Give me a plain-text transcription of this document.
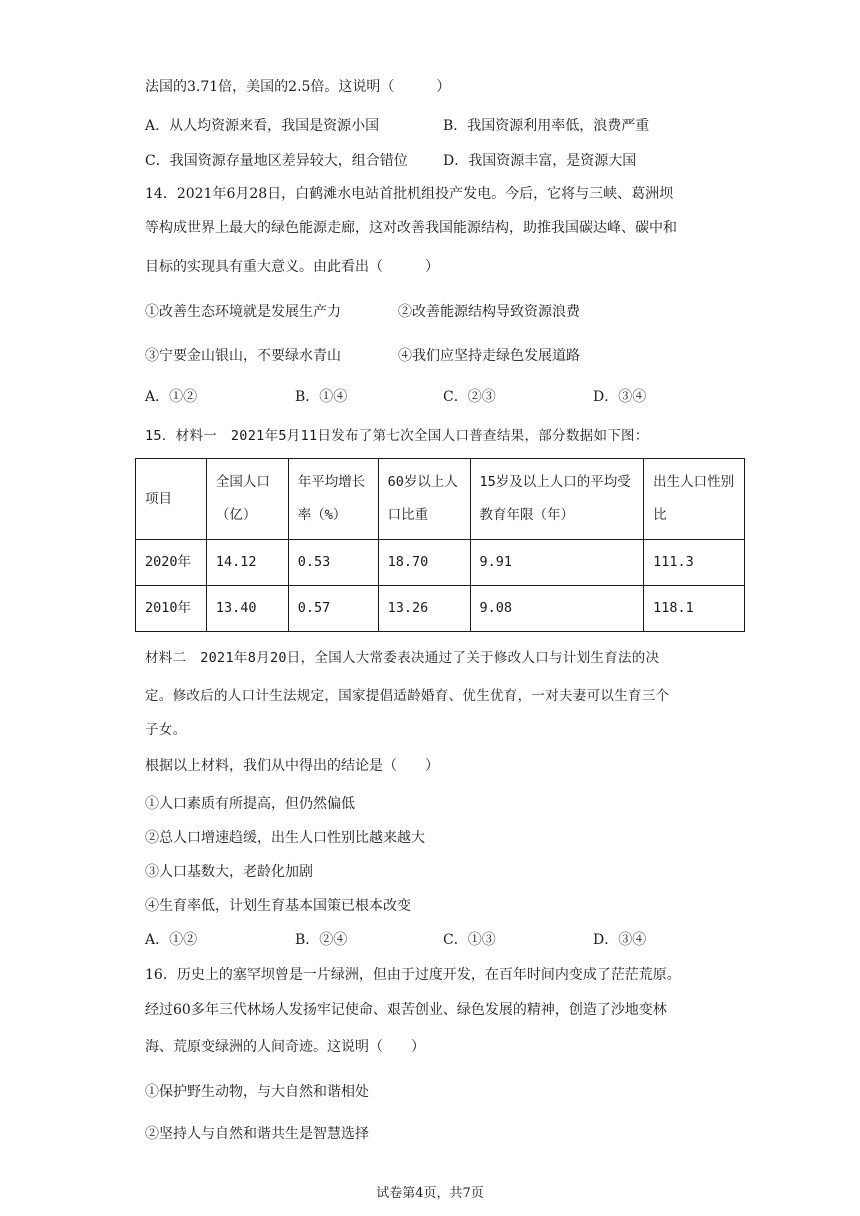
法国的3.71倍，美国的2.5倍。这说明（　　　）
A．从人均资源来看，我国是资源小国	B．我国资源利用率低，浪费严重
C．我国资源存量地区差异较大，组合错位	D．我国资源丰富，是资源大国
14．2021年6月28日，白鹤滩水电站首批机组投产发电。今后，它将与三峡、葛洲坝
等构成世界上最大的绿色能源走廊，这对改善我国能源结构，助推我国碳达峰、碳中和
目标的实现具有重大意义。由此看出（　　　）
①改善生态环境就是发展生产力	②改善能源结构导致资源浪费
③宁要金山银山，不要绿水青山	④我们应坚持走绿色发展道路
A．①②	B．①④	C．②③	D．③④
15．材料一　2021年5月11日发布了第七次全国人口普查结果，部分数据如下图：
项目	全国人口（亿）	年平均增长率（%）	60岁以上人口比重	15岁及以上人口的平均受教育年限（年）	出生人口性别比
2020年	14.12	0.53	18.70	9.91	111.3
2010年	13.40	0.57	13.26	9.08	118.1
材料二　2021年8月20日，全国人大常委表决通过了关于修改人口与计划生育法的决
定。修改后的人口计生法规定，国家提倡适龄婚育、优生优育，一对夫妻可以生育三个
子女。
根据以上材料，我们从中得出的结论是（　　）
①人口素质有所提高，但仍然偏低
②总人口增速趋缓，出生人口性别比越来越大
③人口基数大，老龄化加剧
④生育率低，计划生育基本国策已根本改变
A．①②	B．②④	C．①③	D．③④
16．历史上的塞罕坝曾是一片绿洲，但由于过度开发，在百年时间内变成了茫茫荒原。
经过60多年三代林场人发扬牢记使命、艰苦创业、绿色发展的精神，创造了沙地变林
海、荒原变绿洲的人间奇迹。这说明（　　）
①保护野生动物，与大自然和谐相处
②坚持人与自然和谐共生是智慧选择
试卷第4页，共7页
